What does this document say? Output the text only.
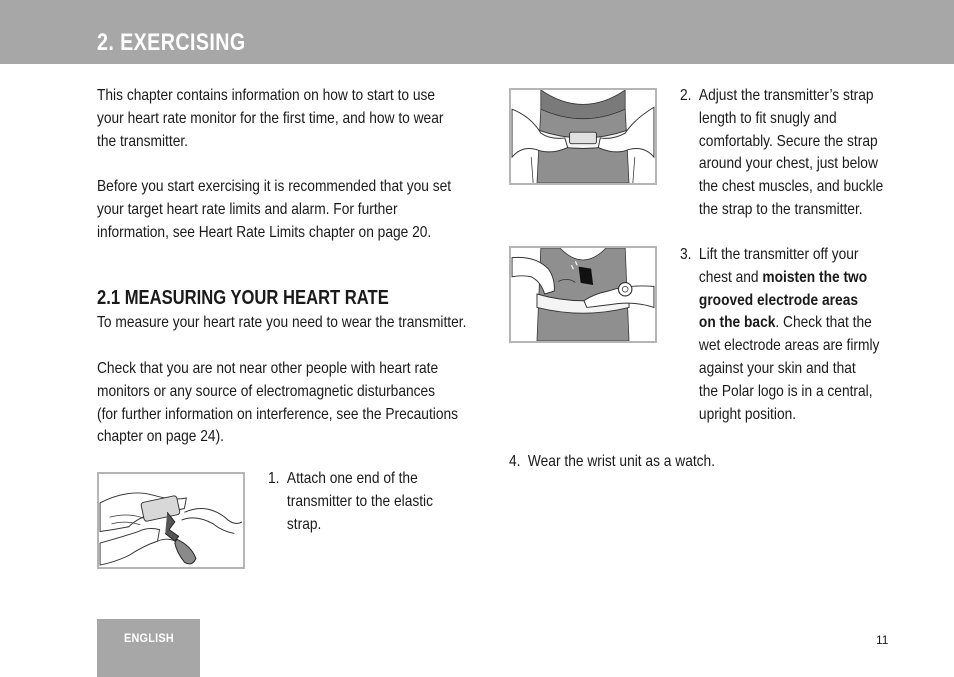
2. EXERCISING
This chapter contains information on how to start to use
your heart rate monitor for the first time, and how to wear
the transmitter.
Before you start exercising it is recommended that you set
your target heart rate limits and alarm. For further
information, see Heart Rate Limits chapter on page 20.
2.1 MEASURING YOUR HEART RATE
To measure your heart rate you need to wear the transmitter.
Check that you are not near other people with heart rate
monitors or any source of electromagnetic disturbances
(for further information on interference, see the Precautions
chapter on page 24).
1. Attach one end of the
transmitter to the elastic
strap.
2. Adjust the transmitter’s strap
length to fit snugly and
comfortably. Secure the strap
around your chest, just below
the chest muscles, and buckle
the strap to the transmitter.
3. Lift the transmitter off your
chest and moisten the two
grooved electrode areas
on the back. Check that the
wet electrode areas are firmly
against your skin and that
the Polar logo is in a central,
upright position.
4. Wear the wrist unit as a watch.
ENGLISH	11
